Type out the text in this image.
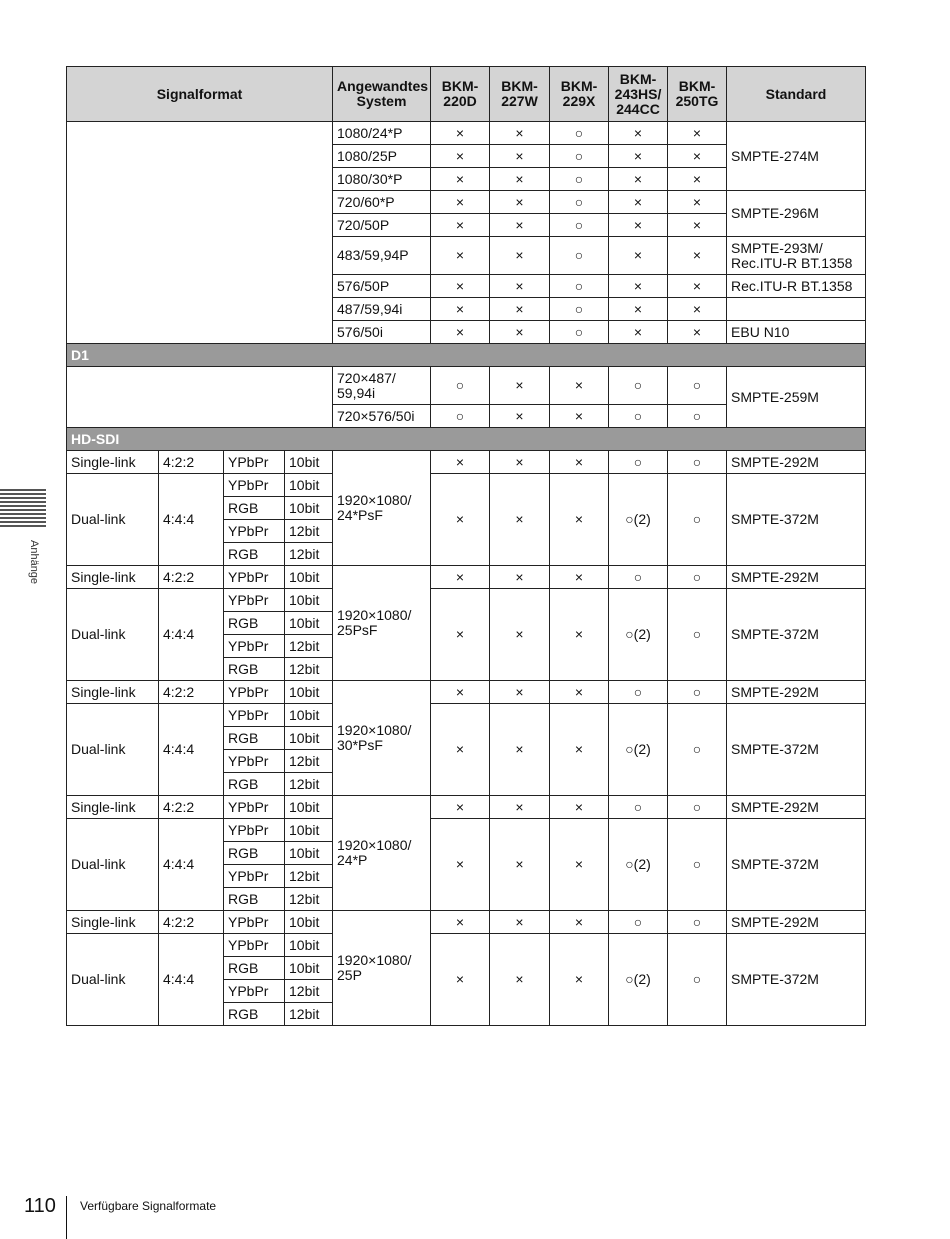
Anhänge
Signalformat				Angewandtes System	BKM-220D	BKM-227W	BKM-229X	BKM-243HS/ 244CC	BKM-250TG	Standard
				1080/24*P	×	×	○	×	×	SMPTE-274M
				1080/25P	×	×	○	×	×	
				1080/30*P	×	×	○	×	×	
				720/60*P	×	×	○	×	×	SMPTE-296M
				720/50P	×	×	○	×	×	
				483/59,94P	×	×	○	×	×	SMPTE-293M/ Rec.ITU-R BT.1358
				576/50P	×	×	○	×	×	Rec.ITU-R BT.1358
				487/59,94i	×	×	○	×	×	
				576/50i	×	×	○	×	×	EBU N10
D1										
				720×487/ 59,94i	○	×	×	○	○	SMPTE-259M
				720×576/50i	○	×	×	○	○	
HD-SDI										
Single-link	4:2:2	YPbPr	10bit	1920×1080/ 24*PsF	×	×	×	○	○	SMPTE-292M
Dual-link	4:4:4	YPbPr	10bit		×	×	×	○(2)	○	SMPTE-372M
		RGB	10bit							
		YPbPr	12bit							
		RGB	12bit							
Single-link	4:2:2	YPbPr	10bit	1920×1080/ 25PsF	×	×	×	○	○	SMPTE-292M
Dual-link	4:4:4	YPbPr	10bit		×	×	×	○(2)	○	SMPTE-372M
		RGB	10bit							
		YPbPr	12bit							
		RGB	12bit							
Single-link	4:2:2	YPbPr	10bit	1920×1080/ 30*PsF	×	×	×	○	○	SMPTE-292M
Dual-link	4:4:4	YPbPr	10bit		×	×	×	○(2)	○	SMPTE-372M
		RGB	10bit							
		YPbPr	12bit							
		RGB	12bit							
Single-link	4:2:2	YPbPr	10bit	1920×1080/ 24*P	×	×	×	○	○	SMPTE-292M
Dual-link	4:4:4	YPbPr	10bit		×	×	×	○(2)	○	SMPTE-372M
		RGB	10bit							
		YPbPr	12bit							
		RGB	12bit							
Single-link	4:2:2	YPbPr	10bit	1920×1080/ 25P	×	×	×	○	○	SMPTE-292M
Dual-link	4:4:4	YPbPr	10bit		×	×	×	○(2)	○	SMPTE-372M
		RGB	10bit							
		YPbPr	12bit							
		RGB	12bit							
110 Verfügbare Signalformate
